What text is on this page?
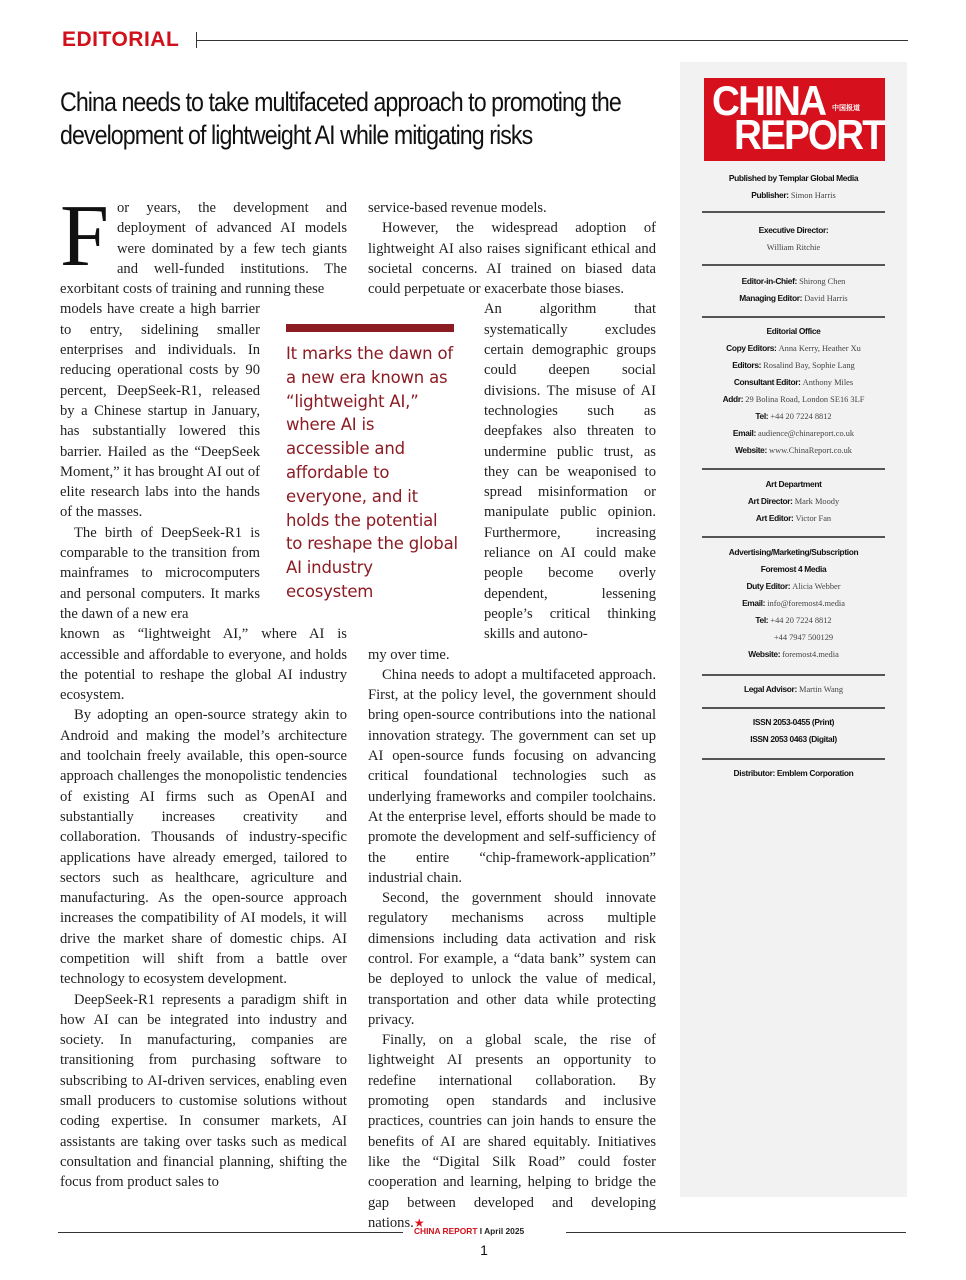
EDITORIAL
China needs to take multifaceted approach to promoting the
development of lightweight AI while mitigating risks

For years, the development and deployment of advanced AI models were dominated by a few tech giants and well-funded institutions. The exorbitant costs of training and running these

models have create a high barrier to entry, sidelining smaller enterprises and individuals. In reducing operational costs by 90 percent, DeepSeek-R1, released by a Chinese startup in January, has substantially lowered this barrier. Hailed as the “DeepSeek Moment,” it has brought AI out of elite research labs into the hands of the masses.

The birth of DeepSeek-R1 is comparable to the transition from mainframes to microcomputers and personal computers. It marks the dawn of a new era

known as “lightweight AI,” where AI is accessible and affordable to everyone, and holds the potential to reshape the global AI industry ecosystem.

By adopting an open-source strategy akin to Android and making the model’s architecture and toolchain freely available, this open-source approach challenges the monopolistic tendencies of existing AI firms such as OpenAI and substantially increases creativity and collaboration. Thousands of industry-specific applications have already emerged, tailored to sectors such as healthcare, agriculture and manufacturing. As the open-source approach increases the compatibility of AI models, it will drive the market share of domestic chips. AI competition will shift from a battle over technology to ecosystem development.

DeepSeek-R1 represents a paradigm shift in how AI can be integrated into industry and society. In manufacturing, companies are transitioning from purchasing software to subscribing to AI-driven services, enabling even small producers to customise solutions without coding expertise. In consumer markets, AI assistants are taking over tasks such as medical consultation and financial planning, shifting the focus from product sales to

It marks the dawn of a new era known as “lightweight AI,” where AI is accessible and affordable to everyone, and it holds the potential to reshape the global AI industry ecosystem

service-based revenue models.

However, the widespread adoption of lightweight AI also raises significant ethical and societal concerns. AI trained on biased data could perpetuate or exacerbate those biases.

An algorithm that systematically excludes certain demographic groups could deepen social divisions. The misuse of AI technologies such as deepfakes also threaten to undermine public trust, as they can be weaponised to spread misinformation or manipulate public opinion. Furthermore, increasing reliance on AI could make people become overly dependent, lessening people’s critical thinking skills and autono-

my over time.

China needs to adopt a multifaceted approach. First, at the policy level, the government should bring open-source contributions into the national innovation strategy. The government can set up AI open-source funds focusing on advancing critical foundational technologies such as underlying frameworks and compiler toolchains. At the enterprise level, efforts should be made to promote the development and self-sufficiency of the entire “chip-framework-application” industrial chain.

Second, the government should innovate regulatory mechanisms across multiple dimensions including data activation and risk control. For example, a “data bank” system can be deployed to unlock the value of medical, transportation and other data while protecting privacy.

Finally, on a global scale, the rise of lightweight AI presents an opportunity to redefine international collaboration. By promoting open standards and inclusive practices, countries can join hands to ensure the benefits of AI are shared equitably. Initiatives like the “Digital Silk Road” could foster cooperation and learning, helping to bridge the gap between developed and developing nations.★

CHINA 中国报道
REPORT
Published by Templar Global Media
Publisher: Simon Harris
Executive Director:
William Ritchie
Editor-in-Chief: Shirong Chen
Managing Editor: David Harris
Editorial Office
Copy Editors: Anna Kerry, Heather Xu
Editors: Rosalind Bay, Sophie Lang
Consultant Editor: Anthony Miles
Addr: 29 Bolina Road, London SE16 3LF
Tel: +44 20 7224 8812
Email: audience@chinareport.co.uk
Website: www.ChinaReport.co.uk
Art Department
Art Director: Mark Moody
Art Editor: Victor Fan
Advertising/Marketing/Subscription
Foremost 4 Media
Duty Editor: Alicia Webber
Email: info@foremost4.media
Tel: +44 20 7224 8812
+44 7947 500129
Website: foremost4.media
Legal Advisor: Martin Wang
ISSN 2053-0455 (Print)
ISSN 2053 0463 (Digital)
Distributor: Emblem Corporation
CHINA REPORT I April 2025
1
